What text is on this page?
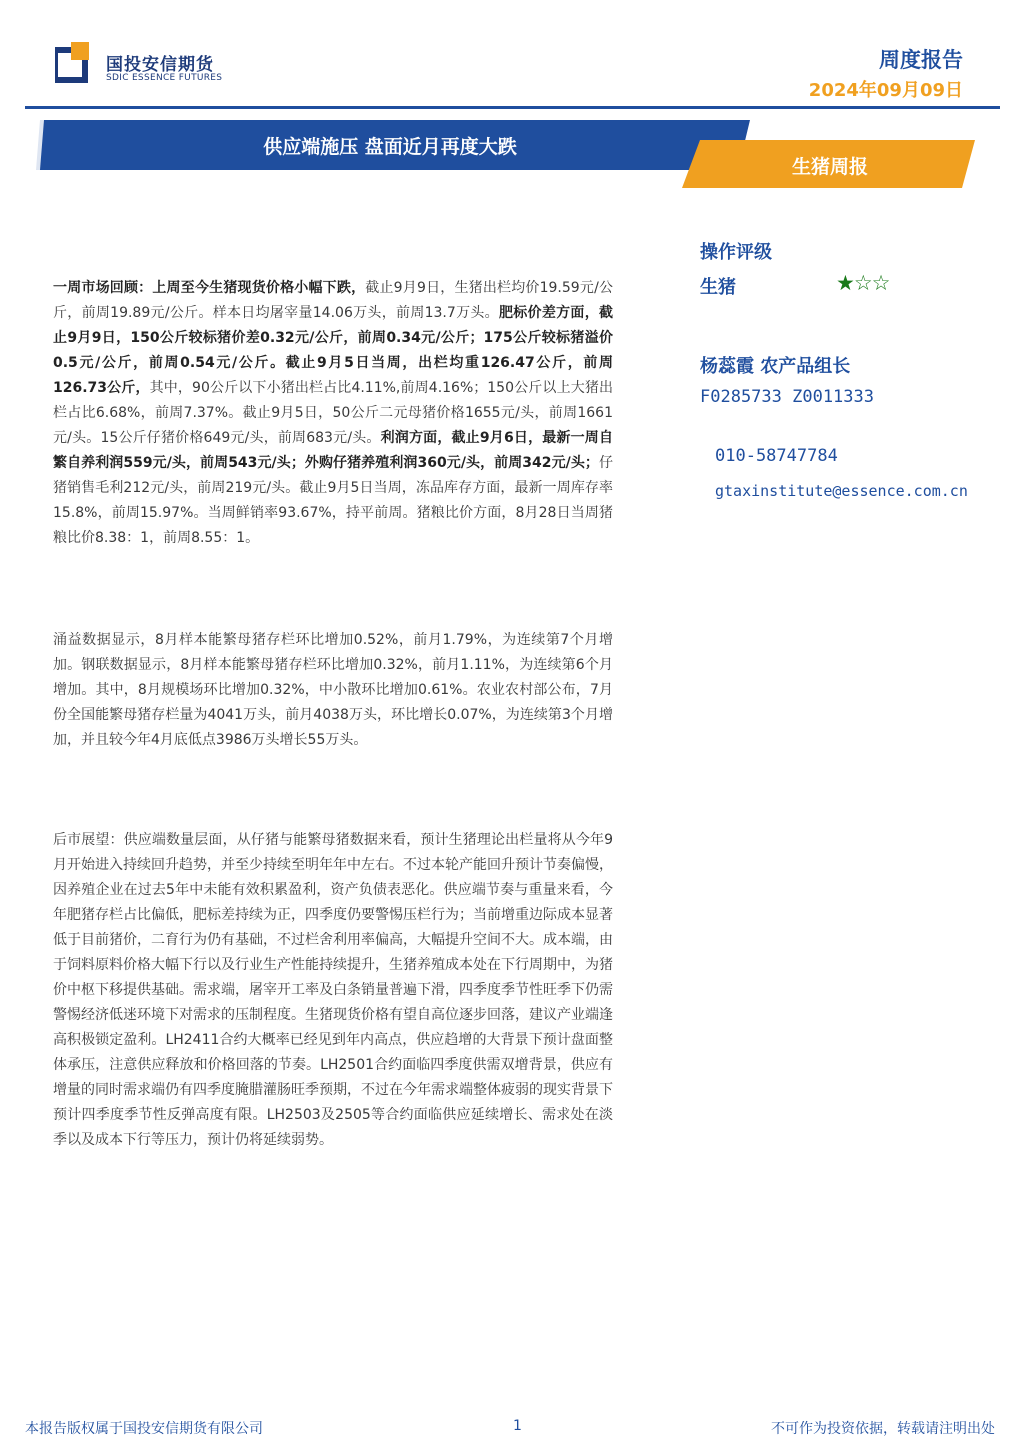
国投安信期货
SDIC ESSENCE FUTURES
周度报告
2024年09月09日
供应端施压 盘面近月再度大跌
生猪周报

一周市场回顾：上周至今生猪现货价格小幅下跌，截止9月9日，生猪出栏均价19.59元/公斤，前周19.89元/公斤。样本日均屠宰量14.06万头，前周13.7万头。肥标价差方面，截止9月9日，150公斤较标猪价差0.32元/公斤，前周0.34元/公斤；175公斤较标猪溢价0.5元/公斤，前周0.54元/公斤。截止9月5日当周，出栏均重126.47公斤，前周126.73公斤，其中，90公斤以下小猪出栏占比4.11%,前周4.16%；150公斤以上大猪出栏占比6.68%，前周7.37%。截止9月5日，50公斤二元母猪价格1655元/头，前周1661元/头。15公斤仔猪价格649元/头，前周683元/头。利润方面，截止9月6日，最新一周自繁自养利润559元/头，前周543元/头；外购仔猪养殖利润360元/头，前周342元/头；仔猪销售毛利212元/头，前周219元/头。截止9月5日当周，冻品库存方面，最新一周库存率15.8%，前周15.97%。当周鲜销率93.67%，持平前周。猪粮比价方面，8月28日当周猪粮比价8.38：1，前周8.55：1。

涌益数据显示，8月样本能繁母猪存栏环比增加0.52%，前月1.79%，为连续第7个月增加。钢联数据显示，8月样本能繁母猪存栏环比增加0.32%，前月1.11%，为连续第6个月增加。其中，8月规模场环比增加0.32%，中小散环比增加0.61%。农业农村部公布，7月份全国能繁母猪存栏量为4041万头，前月4038万头，环比增长0.07%，为连续第3个月增加，并且较今年4月底低点3986万头增长55万头。

后市展望：供应端数量层面，从仔猪与能繁母猪数据来看，预计生猪理论出栏量将从今年9月开始进入持续回升趋势，并至少持续至明年年中左右。不过本轮产能回升预计节奏偏慢，因养殖企业在过去5年中未能有效积累盈利，资产负债表恶化。供应端节奏与重量来看，今年肥猪存栏占比偏低，肥标差持续为正，四季度仍要警惕压栏行为；当前增重边际成本显著低于目前猪价，二育行为仍有基础，不过栏舍利用率偏高，大幅提升空间不大。成本端，由于饲料原料价格大幅下行以及行业生产性能持续提升，生猪养殖成本处在下行周期中，为猪价中枢下移提供基础。需求端，屠宰开工率及白条销量普遍下滑，四季度季节性旺季下仍需警惕经济低迷环境下对需求的压制程度。生猪现货价格有望自高位逐步回落，建议产业端逢高积极锁定盈利。LH2411合约大概率已经见到年内高点，供应趋增的大背景下预计盘面整体承压，注意供应释放和价格回落的节奏。LH2501合约面临四季度供需双增背景，供应有增量的同时需求端仍有四季度腌腊灌肠旺季预期，不过在今年需求端整体疲弱的现实背景下预计四季度季节性反弹高度有限。LH2503及2505等合约面临供应延续增长、需求处在淡季以及成本下行等压力，预计仍将延续弱势。

操作评级
生猪	★☆☆
杨蕊霞 农产品组长
F0285733 Z0011333
010-58747784
gtaxinstitute@essence.com.cn
本报告版权属于国投安信期货有限公司	1	不可作为投资依据，转载请注明出处
